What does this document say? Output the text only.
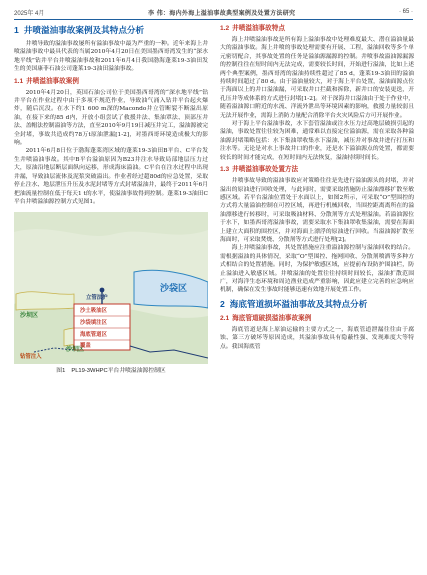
2025年 4月	李 伟：海内外海上溢油事故典型案例及处置方法研究	· 65 ·
1 井喷溢油事故案例及其特点分析

井喷导致的溢油事故屡所有溢油事故中最为严重的一种。近年来海上井喷溢油事故中最具代表的当属2010年4月20日在美国墨西哥湾发生的“深水地平线”钻井平台井喷溢油事故和2011年6月4日我国渤海蓬莱19-3油田发生的美国康菲石油公司蓬莱19-3油田溢油事故。

1.1 井喷溢油事故案例

2010年4月20日，英国石油公司位于美国墨西哥湾的“深水地平线”钻井平台在作业过程中由于多项不规范作业，导致油气涌入钻井平台起火爆炸，随后沉没。在水下约1 600 m深的Macondo井立管断裂不断溢出原油，在接下来的85 d内，开放小组尝试了救援井法、集油罩法、顶部压井法、盖帽法控制溢油等方法，直至2010年9月19日减压井完工，溢油源被完全封堵，事故共造成约78万t原油泄漏[1-2]，对墨西哥环境造成极大的影响。

2011年6月8日位于渤海蓬莱湾区域的蓬莱19-3油田B平台、C平台发生井喷溢油事故。其中B平台溢油原因为B23井注水导致局部地层压力过大，原油沿地层断层面纵向运移，形成海床溢油。C平台在注水过程中出现井漏，导致油层流体及泥浆突破溢出。作业者经过超80d的应急处置，采取停止注水、地层泄压升压及水泥封堵等方式封堵溢油井，最终于2011年6月把油流量控制在低于每天1 t的水平，使溢油事故得到控制。蓬莱19-3油田C平台井喷溢油源控制方式见图1。

沙坝区
沙坝区
沙袋区
立管法护
沙土吸油区
沙袋填注区
海底管道区
覆盖
钻管注入
图1 PL19-3WHPC平台井喷溢油源控制区
1.2 井喷溢油事故特点

海上井喷溢油事故是所有海上溢油事故中处理难度最大、潜在溢油量最大的溢油事故。海上井喷的事故处理需要有开展、工程，溢油回收等多个单元密切配合，其事故处置的任务是溢油源漏源的控制。井喷事故溢油源漏源的控制往往在短时间内无法完成，需要较长时间，开始进行溢油，比如上述两个典型案例，墨西哥湾的溢油持续性超过了85 d，蓬莱19-3油田的溢油持续时间超过了80 d。由于溢油量较大，对于海上平台处置，溢油面源点位于海面以上的井口溢油漏，可采取井口拦截和拆除，新井口的安装更迭，开孔压井等成体系的方式进行封堵[1-2]。对于深海井口溢油由于处于作业中，随着溢油源口附近的水流、洋流外泄出等环境因素的影响，救援力量较弱且无法开展作业，需海上消防力量配合消除平台火灾风险后方可开展作业。

对于海上平台溢油事故，水下套管溢油或注水压力过高地层破损引起的溢油，事故处置往往较为困难，通常难以直接定位溢油源，需在采取各种溢油源封堵策略包括：水下集油罩收集水下溢油，减压井对事故井进行打压和注水等。无论是对水上事故井口的作业，还是水下溢油源点的处置，都需要较长的时间才能完成，在短时间内无法恢复，溢油持续时间长。

1.3 井喷溢油事故处置方法

井喷事故导致的溢油事故应对策略往往是先进行溢油源头的封堵，并对溢出的原油进行回收处理，与此同时，需要采取措施防止溢油漂移扩散至敏感区域。若平台溢油位置处于水面以上，如图2所示，可采取“O”型围控的方式将大量溢油控制在可控区域，再进行机械回收，当围控距离离所在的溢油漂移进行转移时，可采取吸油材料、分散剂等方式处理溢油。若溢油源位于水下，如墨西哥湾溢油事故，需要采取水下集油罩收集溢油，需要在海面上建立大面积的围控区，并对海面上漂浮的原油进行回收。当溢油源扩散至海面时，可采取焚烧、分散剂等方式进行处理[2]。

海上井喷溢油事故，其处置措施应注重溢油源控制与溢油回收的结合。需根据溢油的具体情况，采取“O”型围控、拖网回收、分散剂喷洒等多种方式相结合的处置措施。同时，为保护敏感区域，应提前布设防护围油栏，防止溢油进入敏感区域。井喷溢油的处置往往持续时间较长，溢油扩散范围广，对海洋生态环境和周边渔业造成严重影响，因此应建立完善的应急响应机制，确保在发生事故时能够迅速有效地开展处置工作。

2 海底管道损坏溢油事故及其特点分析
2.1 海底管道破损溢油事故案例

海底管道是海上原油运输的主要方式之一，海底管道泄漏往往由于腐蚀、第三方破坏等原因造成，其溢油事故具有隐蔽性强、发现难度大等特点。我国海底管
